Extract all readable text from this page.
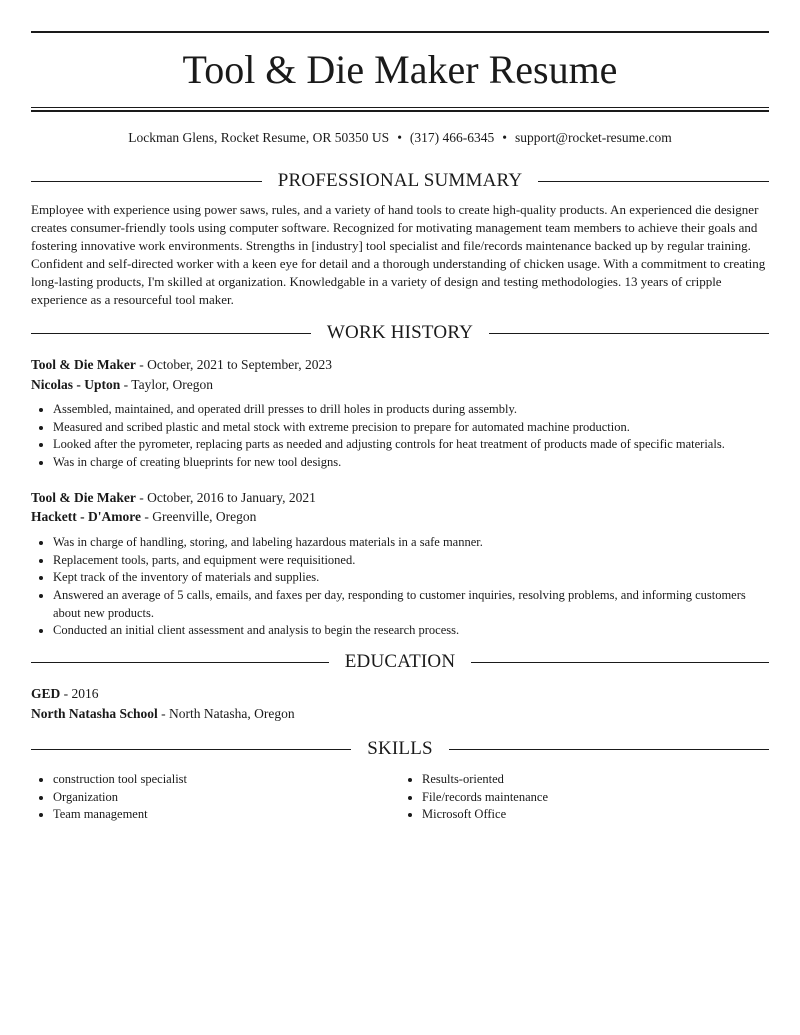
Tool & Die Maker Resume
Lockman Glens, Rocket Resume, OR 50350 US • (317) 466-6345 • support@rocket-resume.com
PROFESSIONAL SUMMARY

Employee with experience using power saws, rules, and a variety of hand tools to create high-quality products. An experienced die designer creates consumer-friendly tools using computer software. Recognized for motivating management team members to achieve their goals and fostering innovative work environments. Strengths in [industry] tool specialist and file/records maintenance backed up by regular training. Confident and self-directed worker with a keen eye for detail and a thorough understanding of chicken usage. With a commitment to creating long-lasting products, I'm skilled at organization. Knowledgable in a variety of design and testing methodologies. 13 years of cripple experience as a resourceful tool maker.

WORK HISTORY
Tool & Die Maker - October, 2021 to September, 2023
Nicolas - Upton - Taylor, Oregon
• Assembled, maintained, and operated drill presses to drill holes in products during assembly.
• Measured and scribed plastic and metal stock with extreme precision to prepare for automated machine production.
• Looked after the pyrometer, replacing parts as needed and adjusting controls for heat treatment of products made of specific materials.
• Was in charge of creating blueprints for new tool designs.
Tool & Die Maker - October, 2016 to January, 2021
Hackett - D'Amore - Greenville, Oregon
• Was in charge of handling, storing, and labeling hazardous materials in a safe manner.
• Replacement tools, parts, and equipment were requisitioned.
• Kept track of the inventory of materials and supplies.
• Answered an average of 5 calls, emails, and faxes per day, responding to customer inquiries, resolving problems, and informing customers about new products.
• Conducted an initial client assessment and analysis to begin the research process.
EDUCATION
GED - 2016
North Natasha School - North Natasha, Oregon
SKILLS
• construction tool specialist
• Organization
• Team management
• Results-oriented
• File/records maintenance
• Microsoft Office
